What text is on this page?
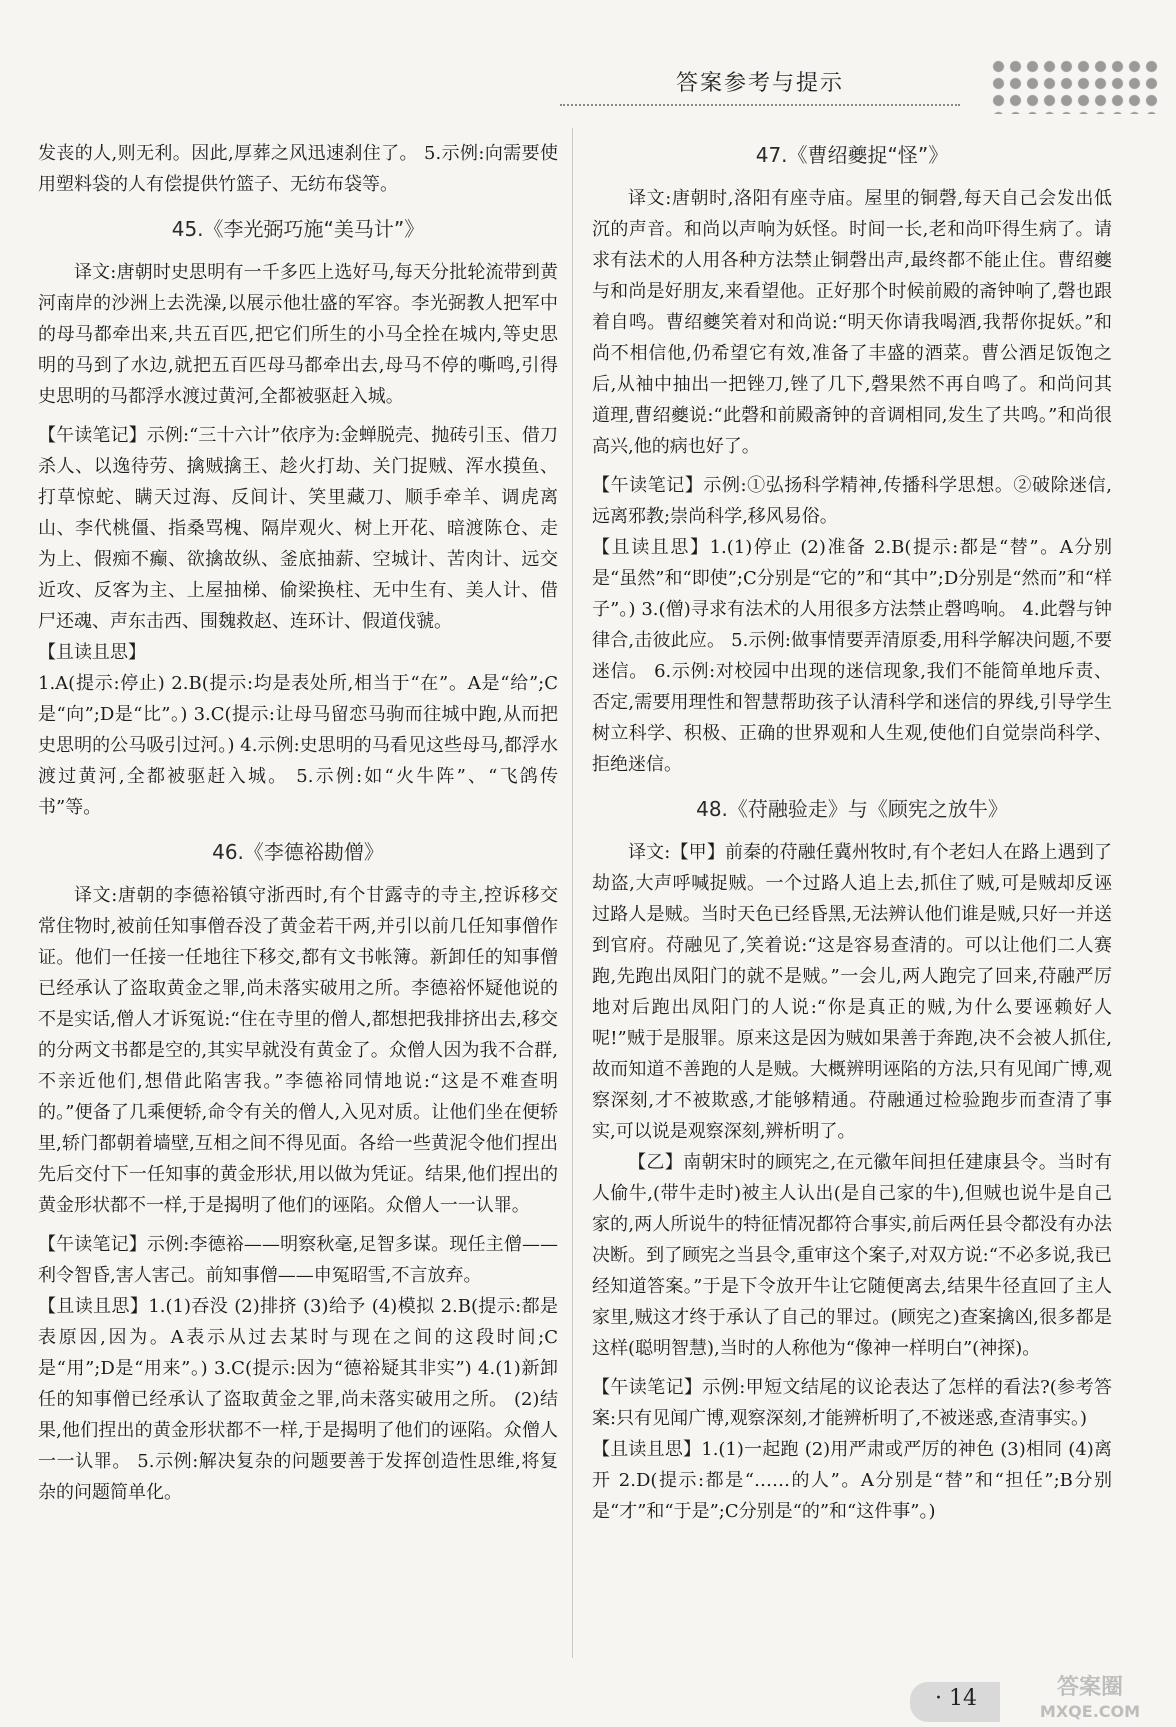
答案参考与提示

发丧的人,则无利。因此,厚葬之风迅速刹住了。 5.示例:向需要使用塑料袋的人有偿提供竹篮子、无纺布袋等。

45.《李光弼巧施“美马计”》

译文:唐朝时史思明有一千多匹上选好马,每天分批轮流带到黄河南岸的沙洲上去洗澡,以展示他壮盛的军容。李光弼教人把军中的母马都牵出来,共五百匹,把它们所生的小马全拴在城内,等史思明的马到了水边,就把五百匹母马都牵出去,母马不停的嘶鸣,引得史思明的马都浮水渡过黄河,全都被驱赶入城。

【午读笔记】示例:“三十六计”依序为:金蝉脱壳、抛砖引玉、借刀杀人、以逸待劳、擒贼擒王、趁火打劫、关门捉贼、浑水摸鱼、打草惊蛇、瞒天过海、反间计、笑里藏刀、顺手牵羊、调虎离山、李代桃僵、指桑骂槐、隔岸观火、树上开花、暗渡陈仓、走为上、假痴不癫、欲擒故纵、釜底抽薪、空城计、苦肉计、远交近攻、反客为主、上屋抽梯、偷梁换柱、无中生有、美人计、借尸还魂、声东击西、围魏救赵、连环计、假道伐虢。

【且读且思】

1.A(提示:停止) 2.B(提示:均是表处所,相当于“在”。A是“给”;C是“向”;D是“比”。) 3.C(提示:让母马留恋马驹而往城中跑,从而把史思明的公马吸引过河。) 4.示例:史思明的马看见这些母马,都浮水渡过黄河,全都被驱赶入城。 5.示例:如“火牛阵”、“飞鸽传书”等。

46.《李德裕勘僧》

译文:唐朝的李德裕镇守浙西时,有个甘露寺的寺主,控诉移交常住物时,被前任知事僧吞没了黄金若干两,并引以前几任知事僧作证。他们一任接一任地往下移交,都有文书帐簿。新卸任的知事僧已经承认了盗取黄金之罪,尚未落实破用之所。李德裕怀疑他说的不是实话,僧人才诉冤说:“住在寺里的僧人,都想把我排挤出去,移交的分两文书都是空的,其实早就没有黄金了。众僧人因为我不合群,不亲近他们,想借此陷害我。”李德裕同情地说:“这是不难查明的。”便备了几乘便轿,命令有关的僧人,入见对质。让他们坐在便轿里,轿门都朝着墙壁,互相之间不得见面。各给一些黄泥令他们捏出先后交付下一任知事的黄金形状,用以做为凭证。结果,他们捏出的黄金形状都不一样,于是揭明了他们的诬陷。众僧人一一认罪。

【午读笔记】示例:李德裕——明察秋毫,足智多谋。现任主僧——利令智昏,害人害己。前知事僧——申冤昭雪,不言放弃。

【且读且思】1.(1)吞没 (2)排挤 (3)给予 (4)模拟 2.B(提示:都是表原因,因为。A表示从过去某时与现在之间的这段时间;C是“用”;D是“用来”。) 3.C(提示:因为“德裕疑其非实”) 4.(1)新卸任的知事僧已经承认了盗取黄金之罪,尚未落实破用之所。 (2)结果,他们捏出的黄金形状都不一样,于是揭明了他们的诬陷。众僧人一一认罪。 5.示例:解决复杂的问题要善于发挥创造性思维,将复杂的问题简单化。

47.《曹绍夔捉“怪”》

译文:唐朝时,洛阳有座寺庙。屋里的铜磬,每天自己会发出低沉的声音。和尚以声响为妖怪。时间一长,老和尚吓得生病了。请求有法术的人用各种方法禁止铜磬出声,最终都不能止住。曹绍夔与和尚是好朋友,来看望他。正好那个时候前殿的斋钟响了,磬也跟着自鸣。曹绍夔笑着对和尚说:“明天你请我喝酒,我帮你捉妖。”和尚不相信他,仍希望它有效,准备了丰盛的酒菜。曹公酒足饭饱之后,从袖中抽出一把锉刀,锉了几下,磬果然不再自鸣了。和尚问其道理,曹绍夔说:“此磬和前殿斋钟的音调相同,发生了共鸣。”和尚很高兴,他的病也好了。

【午读笔记】示例:①弘扬科学精神,传播科学思想。②破除迷信,远离邪教;崇尚科学,移风易俗。

【且读且思】1.(1)停止 (2)准备 2.B(提示:都是“替”。A分别是“虽然”和“即使”;C分别是“它的”和“其中”;D分别是“然而”和“样子”。) 3.(僧)寻求有法术的人用很多方法禁止磬鸣响。 4.此磬与钟律合,击彼此应。 5.示例:做事情要弄清原委,用科学解决问题,不要迷信。 6.示例:对校园中出现的迷信现象,我们不能简单地斥责、否定,需要用理性和智慧帮助孩子认清科学和迷信的界线,引导学生树立科学、积极、正确的世界观和人生观,使他们自觉崇尚科学、拒绝迷信。

48.《苻融验走》与《顾宪之放牛》

译文:【甲】前秦的苻融任冀州牧时,有个老妇人在路上遇到了劫盗,大声呼喊捉贼。一个过路人追上去,抓住了贼,可是贼却反诬过路人是贼。当时天色已经昏黑,无法辨认他们谁是贼,只好一并送到官府。苻融见了,笑着说:“这是容易查清的。可以让他们二人赛跑,先跑出凤阳门的就不是贼。”一会儿,两人跑完了回来,苻融严厉地对后跑出凤阳门的人说:“你是真正的贼,为什么要诬赖好人呢!”贼于是服罪。原来这是因为贼如果善于奔跑,决不会被人抓住,故而知道不善跑的人是贼。大概辨明诬陷的方法,只有见闻广博,观察深刻,才不被欺惑,才能够精通。苻融通过检验跑步而查清了事实,可以说是观察深刻,辨析明了。

【乙】南朝宋时的顾宪之,在元徽年间担任建康县令。当时有人偷牛,(带牛走时)被主人认出(是自己家的牛),但贼也说牛是自己家的,两人所说牛的特征情况都符合事实,前后两任县令都没有办法决断。到了顾宪之当县令,重审这个案子,对双方说:“不必多说,我已经知道答案。”于是下令放开牛让它随便离去,结果牛径直回了主人家里,贼这才终于承认了自己的罪过。(顾宪之)查案擒凶,很多都是这样(聪明智慧),当时的人称他为“像神一样明白”(神探)。

【午读笔记】示例:甲短文结尾的议论表达了怎样的看法?(参考答案:只有见闻广博,观察深刻,才能辨析明了,不被迷惑,查清事实。)

【且读且思】1.(1)一起跑 (2)用严肃或严厉的神色 (3)相同 (4)离开 2.D(提示:都是“……的人”。A分别是“替”和“担任”;B分别是“才”和“于是”;C分别是“的”和“这件事”。)

· 14	答案圈
MXQE.COM
